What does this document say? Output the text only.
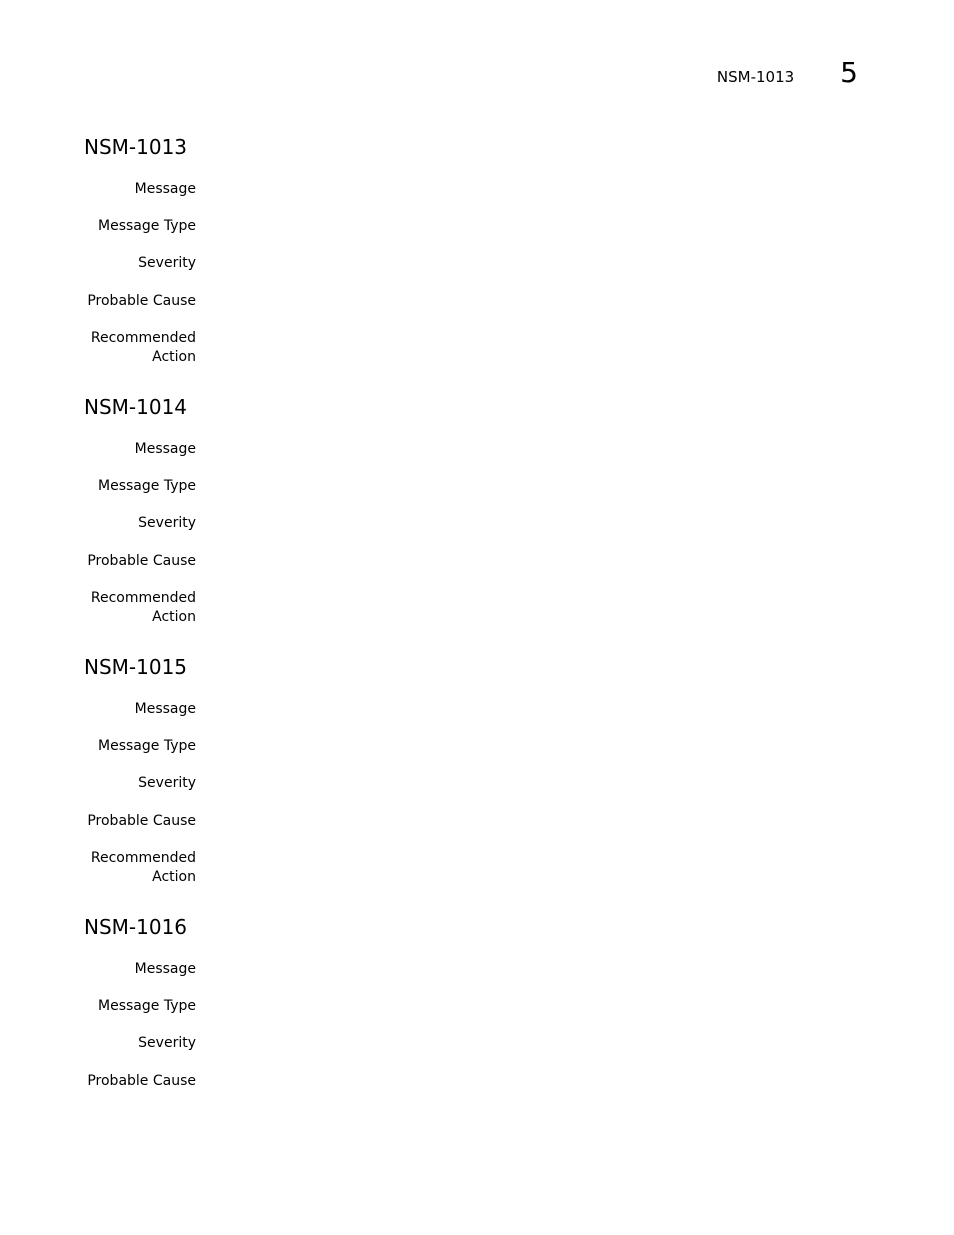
NSM-1013 5
NSM-1013
Message
Message Type
Severity
Probable Cause
Recommended
Action
NSM-1014
Message
Message Type
Severity
Probable Cause
Recommended
Action
NSM-1015
Message
Message Type
Severity
Probable Cause
Recommended
Action
NSM-1016
Message
Message Type
Severity
Probable Cause
